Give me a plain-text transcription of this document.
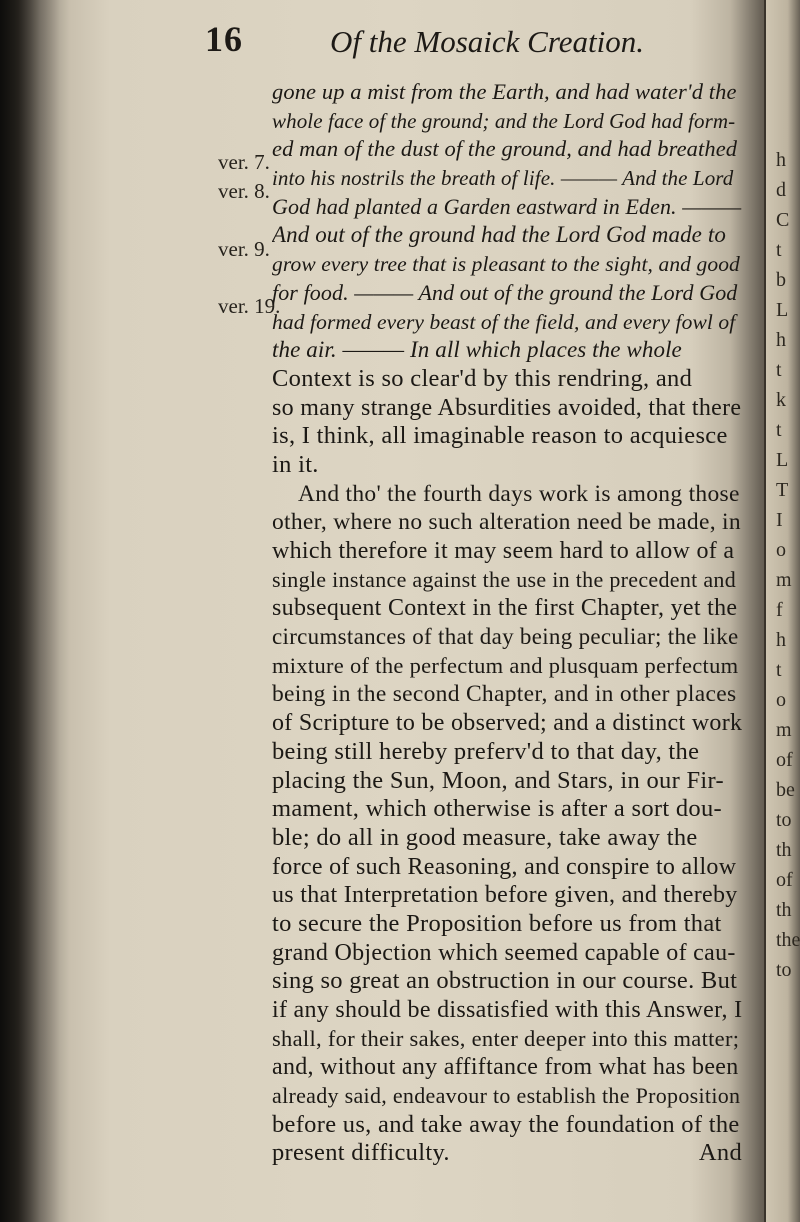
h
d
C
t
b
L
h
t
k
t
L
T
I
o
m
f
h
t
o
m
of
be
to
th
of
th
the
to
16	Of the Mosaick Creation.
ver. 7.
ver. 8.
ver. 9.
ver. 19.
gone up a mist from the Earth, and had water'd the
whole face of the ground; and the Lord God had form-
ed man of the dust of the ground, and had breathed
into his nostrils the breath of life. ——— And the Lord
God had planted a Garden eastward in Eden. ———
And out of the ground had the Lord God made to
grow every tree that is pleasant to the sight, and good
for food. ——— And out of the ground the Lord God
had formed every beast of the field, and every fowl of
the air. ——— In all which places the whole
Context is so clear'd by this rendring, and
so many strange Absurdities avoided, that there
is, I think, all imaginable reason to acquiesce
in it.
And tho' the fourth days work is among those
other, where no such alteration need be made, in
which therefore it may seem hard to allow of a
single instance against the use in the precedent and
subsequent Context in the first Chapter, yet the
circumstances of that day being peculiar; the like
mixture of the perfectum and plusquam perfectum
being in the second Chapter, and in other places
of Scripture to be observed; and a distinct work
being still hereby preferv'd to that day, the
placing the Sun, Moon, and Stars, in our Fir-
mament, which otherwise is after a sort dou-
ble; do all in good measure, take away the
force of such Reasoning, and conspire to allow
us that Interpretation before given, and thereby
to secure the Proposition before us from that
grand Objection which seemed capable of cau-
sing so great an obstruction in our course. But
if any should be dissatisfied with this Answer, I
shall, for their sakes, enter deeper into this matter;
and, without any affiftance from what has been
already said, endeavour to establish the Proposition
before us, and take away the foundation of the
present difficulty.	And
